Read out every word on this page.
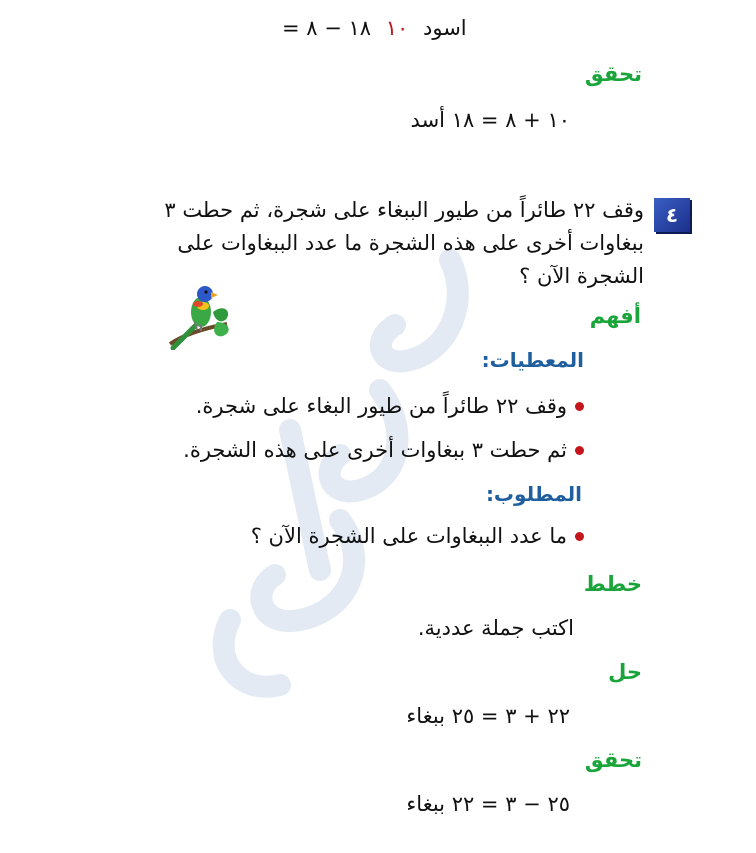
اسود ١٠ ١٨ − ٨ =
تحقق
١٠ + ٨ = ١٨ أسد
٤
وقف ٢٢ طائراً من طيور الببغاء على شجرة، ثم حطت ٣
ببغاوات أخرى على هذه الشجرة ما عدد الببغاوات على
الشجرة الآن ؟
أفهم
المعطيات:
وقف ٢٢ طائراً من طيور البغاء على شجرة.
ثم حطت ٣ ببغاوات أخرى على هذه الشجرة.
المطلوب:
ما عدد الببغاوات على الشجرة الآن ؟
خطط
اكتب جملة عددية.
حل
٢٢ + ٣ = ٢٥ ببغاء
تحقق
٢٥ − ٣ = ٢٢ ببغاء
